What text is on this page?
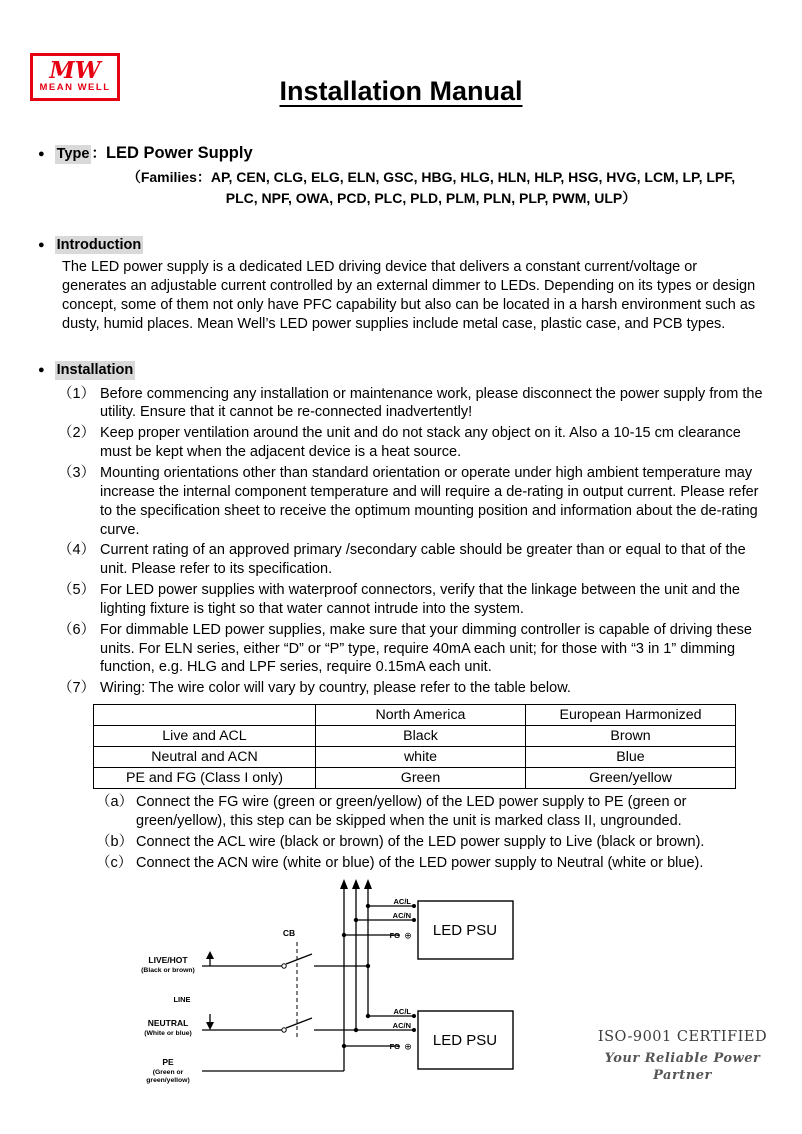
MW
MEAN WELL	Installation Manual
● Type ： LED Power Supply
（Families：AP, CEN, CLG, ELG, ELN, GSC, HBG, HLG, HLN, HLP, HSG, HVG, LCM, LP, LPF, PLC, NPF, OWA, PCD, PLC, PLD, PLM, PLN, PLP, PWM, ULP）
● Introduction

The LED power supply is a dedicated LED driving device that delivers a constant current/voltage or generates an adjustable current controlled by an external dimmer to LEDs. Depending on its types or design concept, some of them not only have PFC capability but also can be located in a harsh environment such as dusty, humid places. Mean Well’s LED power supplies include metal case, plastic case, and PCB types.

● Installation
（1） Before commencing any installation or maintenance work, please disconnect the power supply from the utility. Ensure that it cannot be re-connected inadvertently!
（2） Keep proper ventilation around the unit and do not stack any object on it. Also a 10-15 cm clearance must be kept when the adjacent device is a heat source.
（3） Mounting orientations other than standard orientation or operate under high ambient temperature may increase the internal component temperature and will require a de-rating in output current. Please refer to the specification sheet to receive the optimum mounting position and information about the de-rating curve.
（4） Current rating of an approved primary /secondary cable should be greater than or equal to that of the unit. Please refer to its specification.
（5） For LED power supplies with waterproof connectors, verify that the linkage between the unit and the lighting fixture is tight so that water cannot intrude into the system.
（6） For dimmable LED power supplies, make sure that your dimming controller is capable of driving these units. For ELN series, either “D” or “P” type, require 40mA each unit; for those with “3 in 1” dimming function, e.g. HLG and LPF series, require 0.15mA each unit.
（7） Wiring: The wire color will vary by country, please refer to the table below.
	North America	European Harmonized
Live and ACL	Black	Brown
Neutral and ACN	white	Blue
PE and FG (Class I only)	Green	Green/yellow
（a） Connect the FG wire (green or green/yellow) of the LED power supply to PE (green or green/yellow), this step can be skipped when the unit is marked class II, ungrounded.
（b） Connect the ACL wire (black or brown) of the LED power supply to Live (black or brown).
（c） Connect the ACN wire (white or blue) of the LED power supply to Neutral (white or blue).
CB
LIVE/HOT
(Black or brown)
LINE
NEUTRAL
(White or blue)
PE
(Green or
green/yellow)
LED PSU
AC/L
AC/N
FG ⊕
LED PSU
AC/L
AC/N
FG ⊕
ISO-9001 CERTIFIED
Your Reliable Power Partner
